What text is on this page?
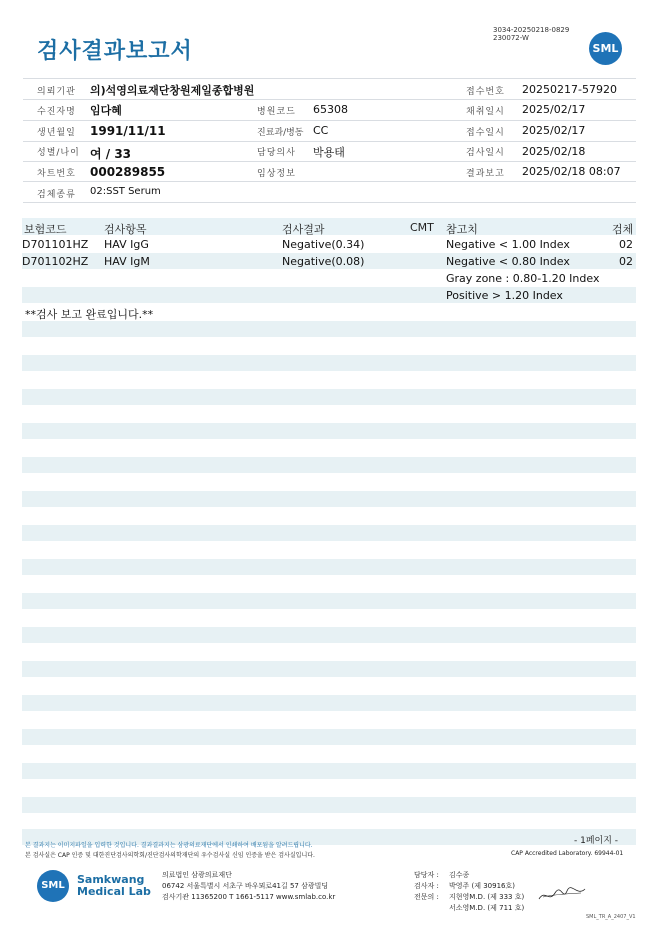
검사결과보고서
3034-20250218-0829
230072-W
SML
의뢰기관 의)석영의료재단창원제일종합병원	접수번호 20250217-57920
수진자명 임다혜	병원코드 65308	채취일시 2025/02/17
생년월일 1991/11/11	진료과/병동 CC	접수일시 2025/02/17
성별/나이 여 / 33	담당의사 박용태	검사일시 2025/02/18
차트번호 000289855	임상정보	결과보고 2025/02/18 08:07
검체종류 02:SST Serum
보험코드	검사항목	검사결과	CMT 참고치	검체
D701101HZ HAV IgG	Negative(0.34)	Negative < 1.00 Index	02
D701102HZ HAV IgM	Negative(0.08)	Negative < 0.80 Index	02
Gray zone : 0.80-1.20 Index
Positive > 1.20 Index
**검사 보고 완료입니다.**
- 1페이지 -
본 결과지는 이미지파일을 입력한 것입니다. 결과결과지는 삼광의료재단에서 인쇄하여 배포됨을 알려드립니다.
본 검사실은 CAP 인증 및 대한진단검사의학회/진단검사의학재단의 우수검사실 신임 인증을 받은 검사실입니다.	CAP Accredited Laboratory. 69944-01
SML	Samkwang
Medical Lab
의료법인 삼광의료재단
06742 서울특별시 서초구 바우뫼로41길 57 삼광빌딩
검사기관 11365200 T 1661-5117 www.smlab.co.kr
담당자 :
검사자 :
전문의 :
김수종
박영주 (제 30916호)
지현영M.D. (제 333 호)
서소영M.D. (제 711 호)
SML_TR_A_2407_V1
